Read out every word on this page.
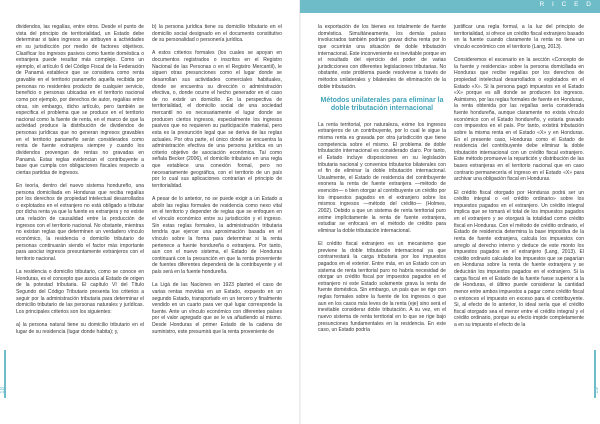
dividendos, las regalías, entre otros. Desde el punto de vista del principio de territorialidad, un Estado debe determinar si tales ingresos se atribuyen a actividades en su jurisdicción por medio de factores objetivos. Clasificar los ingresos pasivos como fuente doméstica o extranjera puede resultar más complejo. Como un ejemplo, el artículo 6 del Código Fiscal de la Federación de Panamá establece que se considera como renta gravable en el territorio panameño aquella recibida por personas no residentes producto de cualquier servicio, beneficio o personas ubicadas en el territorio nacional como por ejemplo, por derechos de autor, regalías entre otras, sin embargo, dicho artículo, pero también se especifica el problema que se produce en el territorio nacional como la fuente de renta, en el marco de que la actividad produce la distribución de dividendos de personas jurídicas que no generan ingresos gravables en el territorio panameño serán considerados como renta de fuente extranjera siempre y cuando los dividendos provengan de rentas no gravadas en Panamá. Estas reglas evidencian el contribuyente a base que cumpla con obligaciones fiscales respecto a ciertas partidas de ingresos.

En teoría, dentro del nuevo sistema hondureño, una persona domiciliada en Honduras que reciba regalías por los derechos de propiedad intelectual desarrollados o explotados en el extranjero no está obligado a tributar por dicha renta ya que la fuente es extranjera y no existe una relación de causalidad entre la producción de ingresos con el territorio nacional. No obstante, mientras no existan reglas que determinen un verdadero vínculo económico, la residencia o domicilio tributario de personas continuarán siendo el factor más importante para asociar ingresos presuntamente extranjeros con el territorio nacional.

La residencia o domicilio tributario, como se conoce en Honduras, es el concepto que asocia al Estado de origen de la potestad tributaria. El capítulo VI del Título Segundo del Código Tributario presenta los criterios a seguir por la administración tributaria para determinar el domicilio tributario de las personas naturales y jurídicas. Los principales criterios son los siguientes:

a) la persona natural tiene su domicilio tributario en el lugar de su residencia (lugar donde habita); y,

b) la persona jurídica tiene su domicilio tributario en el domicilio social designado en el documento constitutivo de su personalidad o personería jurídica.

A estos criterios formales (los cuales se apoyan en documentos registrados o inscritos en el Registro Nacional de las Personas o en el Registro Mercantil), le siguen otras presunciones como el lugar donde se desarrollan sus actividades comerciales habituales, donde se encuentra su dirección o administración efectiva, o, donde ocurre el hecho generador en el caso de no existir un domicilio. En la perspectiva de territorialidad, el domicilio social de una sociedad mercantil no es necesariamente el lugar donde se producen ciertos ingresos, especialmente los ingresos pasivos que no requieren su participación material, pero esta es la presunción legal que se deriva de las reglas actuales. Por otra parte, el único donde se encuentra la administración efectiva de una persona jurídica es un criterio objetivo de asociación económica. Tal como señala Becker (2006), el domicilio tributario en una regla que establece una conexión formal, pero no necesariamente geográfica, con el territorio de un país por lo cual sus aplicaciones contrarían el principio de territorialidad.

A pesar de lo anterior, no se puede exigir a un Estado a abolir las reglas formales de residencia como nexo vital en el territorio y depender de reglas que se enfoquen en el vínculo económico entre su jurisdicción y el ingreso. Sin estas reglas formales, la administración tributaria tendría que ejercer una aproximación basada en el vínculo sobre la forma para determinar si la renta pertenece a fuente hondureña o extranjera. Por tanto, aun con el nuevo sistema, el Estado de Honduras continuará con la presunción en que la renta proveniente de fuentes diferentes dependerá de la contribuyente y el país será en la fuente hondureña.

La Ligá de las Naciones en 1923 planteó el caso de varias rentas movidas en un Estado, expuesto en un segundo Estado, transportado en un tercero y finalmente vendido en un cuarto para ver qué lugar corresponde la fuente. Ante un vínculo económico con diferentes países por el valor agregado que se le va añadiendo al mismo. Desde Honduras el primer Estado de la cadena de suministro, este presumirá que la renta proveniente de

18
R I C E D

la exportación de los bienes es totalmente de fuente doméstica. Simultáneamente, los demás países involucrados también podrían gravar dicha renta por lo que ocurrirán una situación de doble tributación internacional. Este inconveniente es inevitable porque en el resultado del ejercicio del poder de varias jurisdicciones con diferentes legislaciones tributarias. No obstante, este problema puede resolverse a través de métodos unilaterales y bilaterales de eliminación de la doble tributación.

Métodos unilaterales para eliminar la doble tributación internacional

La renta territorial, por naturaleza, exime los ingresos extranjeros de un contribuyente, por lo cual le sigue la misma renta es gravada por otra jurisdicción que tiene competencia sobre el mismo. El problema de doble tributación internacional es considerado claro. Por tanto, el Estado incluye disposiciones en su legislación tributaria nacional y convenios tributarios bilaterales con el fin de eliminar la doble tributación internacional. Usualmente, el Estado de residencia del contribuyente exonera la renta de fuente extranjera —método de exención— o bien otorgar al contribuyente un crédito por los impuestos pagados en el extranjero sobre los mismos ingresos —método del crédito— (Holmes, 2002). Debido a que un sistema de renta territorial puro exime implícitamente la renta de fuente extranjera, estudiar se enfocará en el método de crédito para eliminar la doble tributación internacional.

El crédito fiscal extranjero es un mecanismo que previene la doble tributación internacional ya que contrarrestará la carga tributaria por los impuestos pagados en el exterior. Entre más, en un Estado con un sistema de renta territorial puro no habría necesidad de otorgar un crédito fiscal por impuestos pagados en el extranjero ni este Estado solamente grava la renta de fuente doméstica. Sin embargo, un país que se rige con reglas formales sobre la fuente de los ingresos o que aun en los casos más leves de la renta (eje) sino será el inevitable considerar doble tributación. A su vez, en el nuevo sistema de renta territorial en lo que se rige bajo presunciones fundamentales en la residencia. En este caso, un Estado podría

justificar una regla formal, a la luz del principio de territorialidad, si ofrece un crédito fiscal extranjero basado en la fuente cuando claramente la renta no tiene un vínculo económico con el territorio (Lang, 2013).

Consideremos el escenario en la sección «Concepto de la fuente y residencia» sobre la persona domiciliada en Honduras que recibe regalías por los derechos de propiedad intelectual desarrollados o explotados en el Estado «X». Si la persona pagó impuestos en el Estado «X» porque es allí donde se producen los ingresos. Asimismo, por las reglas formales de fuente en Honduras, la renta obtenida por las regalías sería considerada fuente hondureña, aunque claramente no exista vínculo económico con el Estado hondureño, y estaría gravado con impuestos en el país. Por tanto, existirá tributación sobre la misma renta en el Estado «X» y en Honduras. En el presente caso, Honduras como el Estado de residencia del contribuyente debe eliminar la doble tributación internacional con un crédito fiscal extranjero. Este método promueve la repartición y distribución de las bases extranjeras en el territorio nacional que en caso contrario permanecería el ingreso en el Estado «X» para archivar una obligación fiscal en Honduras.

El crédito fiscal otorgado por Honduras podrá ser un crédito integral o «el crédito ordinario» sobre los impuestos pagados en el extranjero. Un crédito integral implica que se tomará el total de los impuestos pagados en el extranjero y se otorgará la totalidad como crédito fiscal en Honduras. Con el método de crédito ordinario, el Estado de residencia determina la base impositiva de la renta de fuente extranjera, calcula los impuestos con arreglo al derecho interno y deduce de este monto los impuestos pagados en el extranjero (Lang, 2013). El crédito ordinario calculado los impuestos que se pagarían en Honduras sobre la renta de fuente extranjera y se deducirán los impuestos pagados en el extranjero. Si la carga fiscal en el Estado de la fuente fuese superior a la de Honduras, el último puede considerar la cantidad menor entre ambos impuestos a pagar como crédito fiscal o entonces el impuesto en exceso para el contribuyente. Si, al efecto de lo anterior, lo ideal sería que el crédito fiscal otorgado sea el menor entre el crédito integral y el crédito ordinario, porque su efecto impide completamente a en su impuesto el efecto de la

19
